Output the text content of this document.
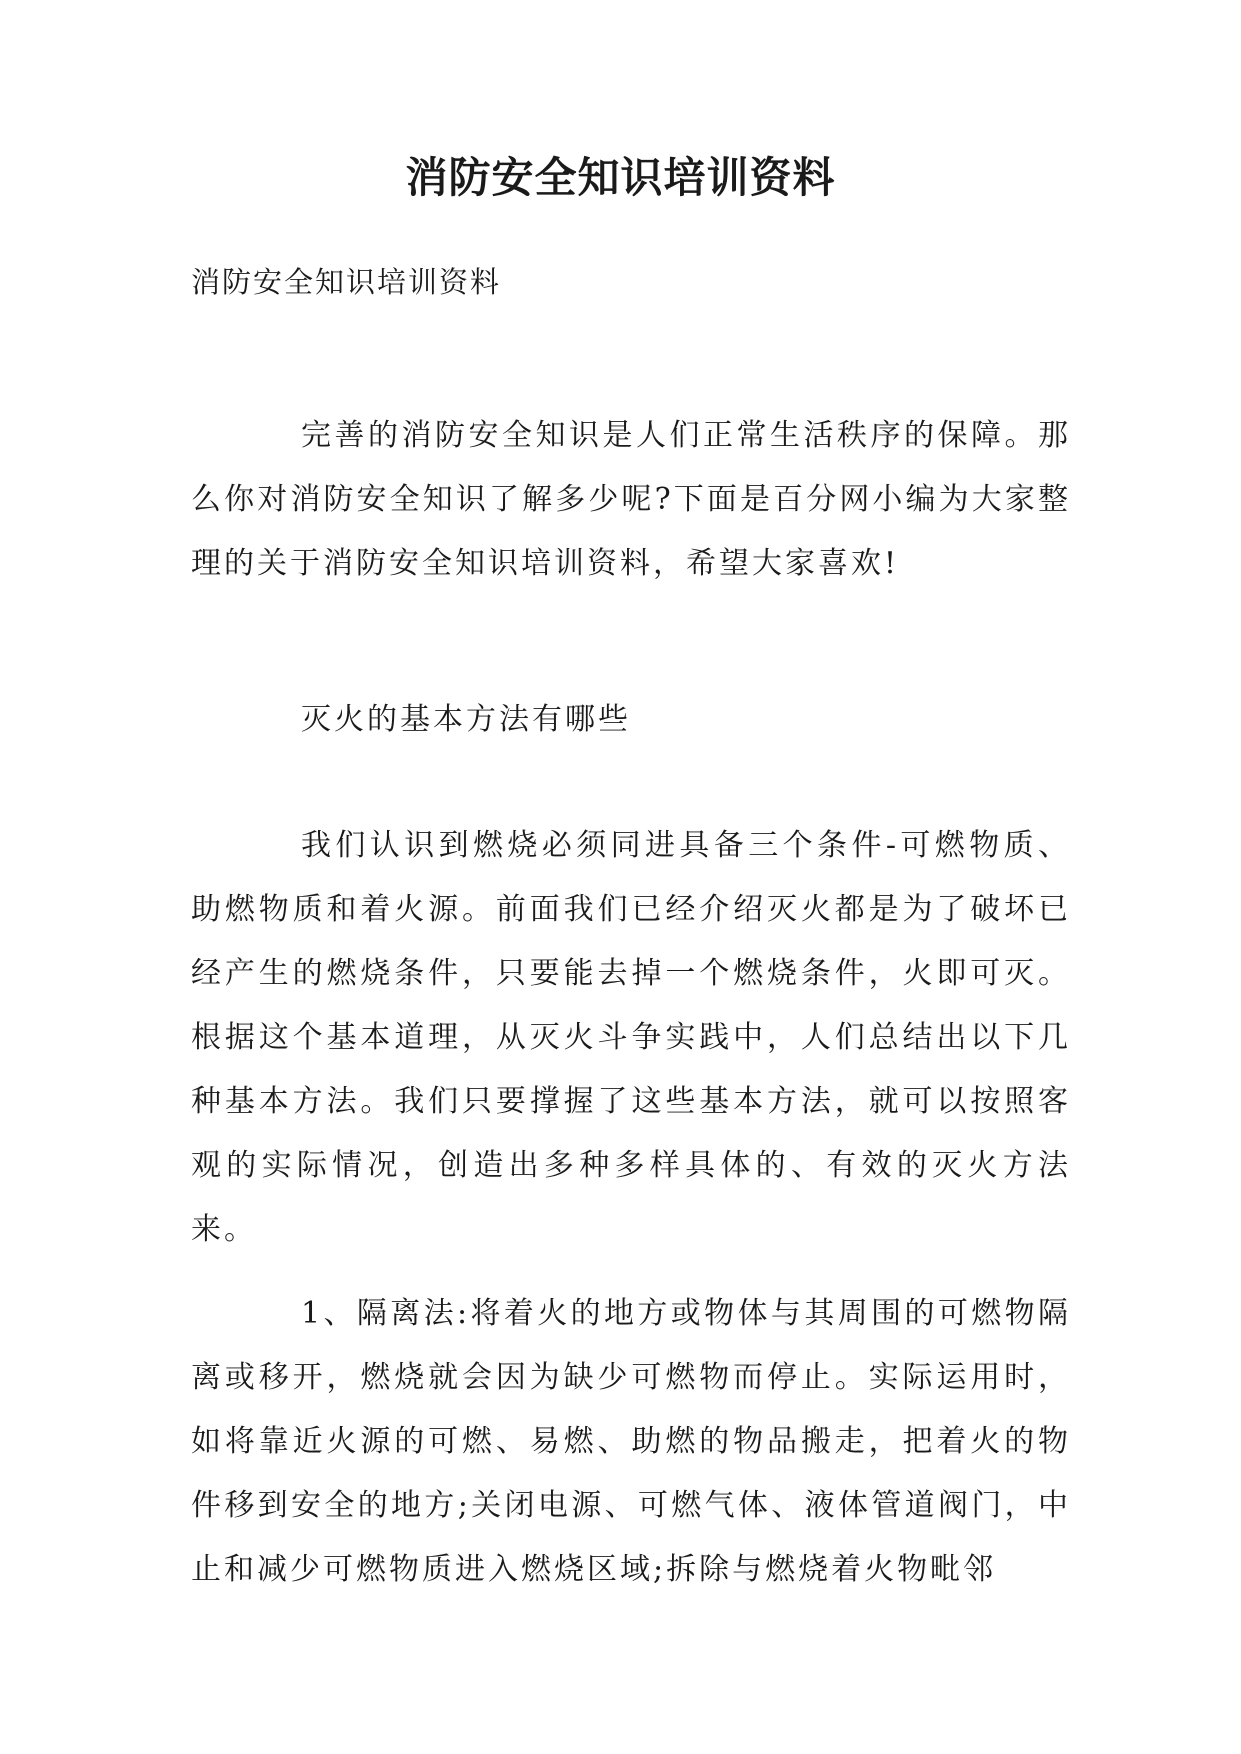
消防安全知识培训资料
消防安全知识培训资料

完善的消防安全知识是人们正常生活秩序的保障。那么你对消防安全知识了解多少呢?下面是百分网小编为大家整理的关于消防安全知识培训资料，希望大家喜欢!

灭火的基本方法有哪些

我们认识到燃烧必须同进具备三个条件-可燃物质、助燃物质和着火源。前面我们已经介绍灭火都是为了破坏已经产生的燃烧条件，只要能去掉一个燃烧条件，火即可灭。根据这个基本道理，从灭火斗争实践中，人们总结出以下几种基本方法。我们只要撑握了这些基本方法，就可以按照客观的实际情况，创造出多种多样具体的、有效的灭火方法来。

1、隔离法:将着火的地方或物体与其周围的可燃物隔离或移开，燃烧就会因为缺少可燃物而停止。实际运用时，如将靠近火源的可燃、易燃、助燃的物品搬走，把着火的物件移到安全的地方;关闭电源、可燃气体、液体管道阀门，中止和减少可燃物质进入燃烧区域;拆除与燃烧着火物毗邻
